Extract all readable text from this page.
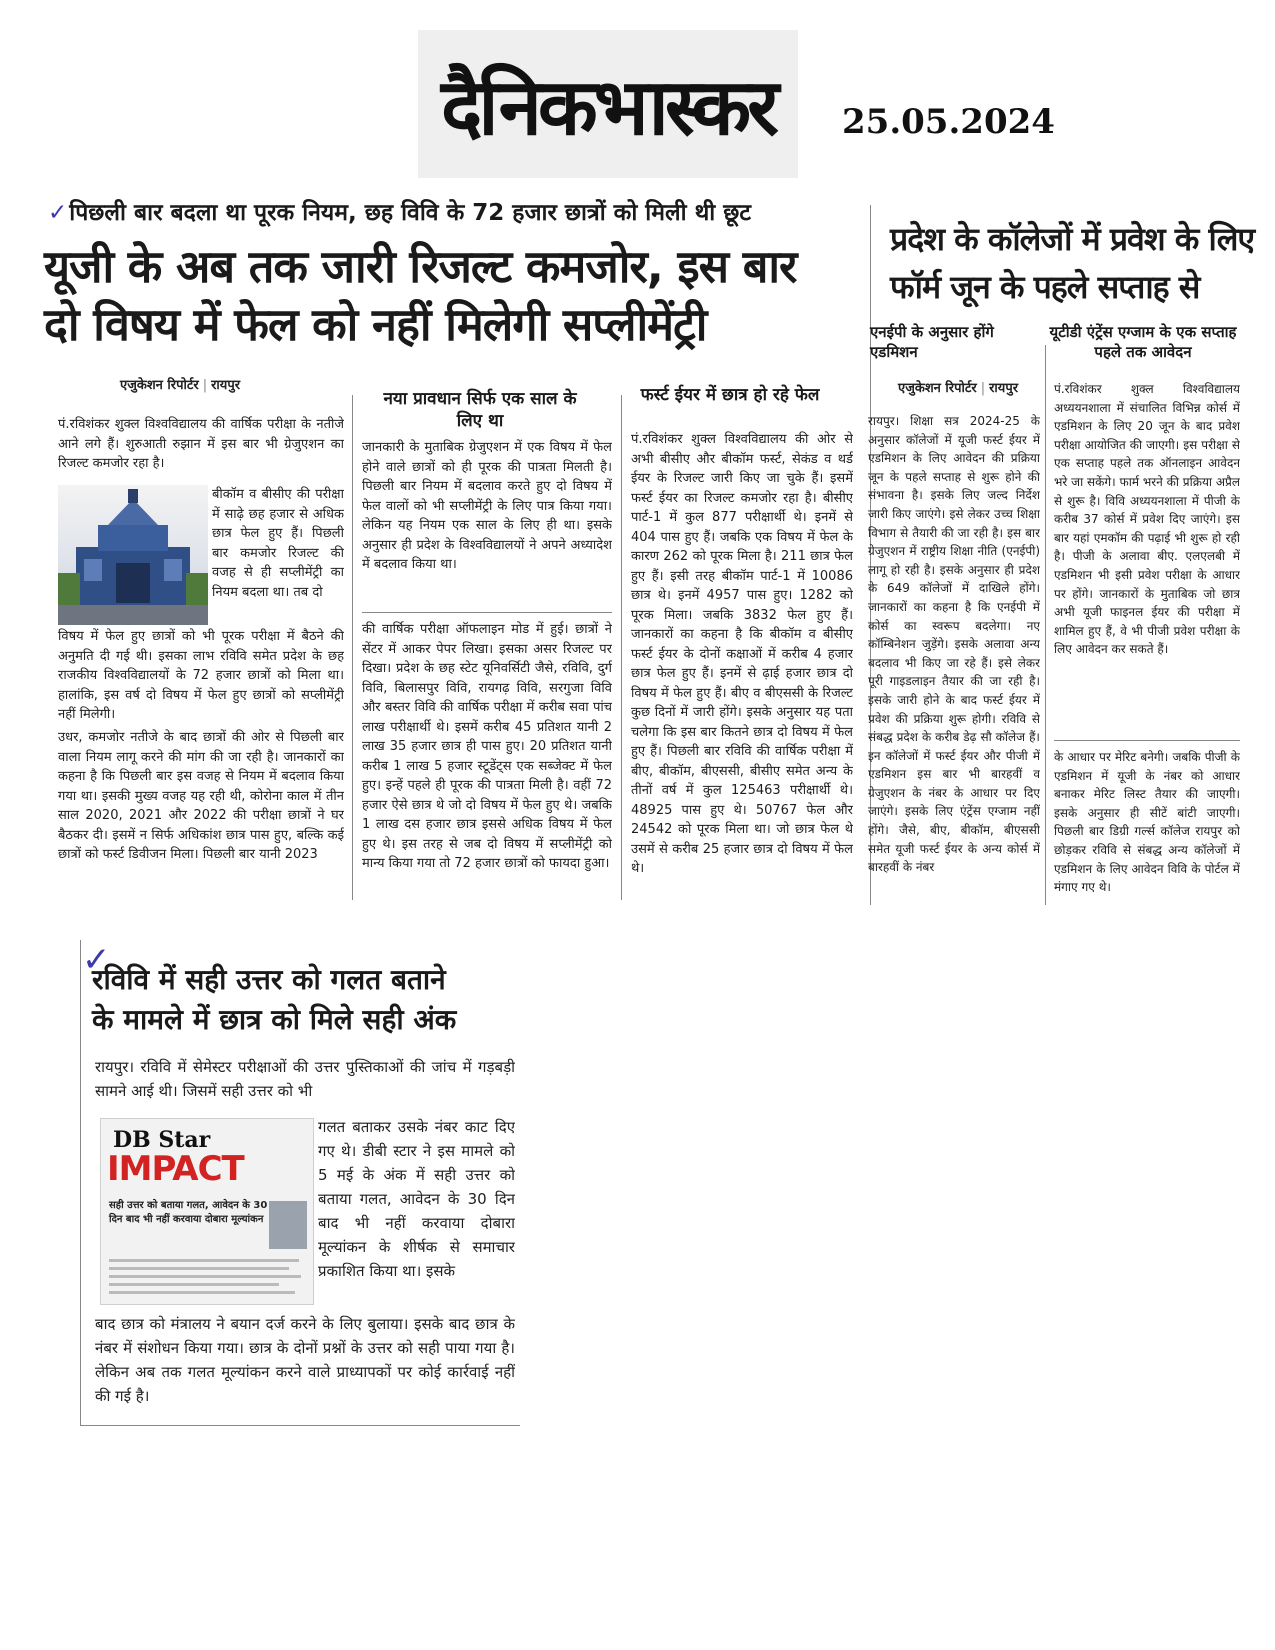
दैनिकभास्कर 25.05.2024
✓पिछली बार बदला था पूरक नियम, छह विवि के 72 हजार छात्रों को मिली थी छूट
यूजी के अब तक जारी रिजल्ट कमजोर, इस बार
दो विषय में फेल को नहीं मिलेगी सप्लीमेंट्री
एजुकेशन रिपोर्टर | रायपुर
नया प्रावधान सिर्फ एक साल के लिए था
फर्स्ट ईयर में छात्र हो रहे फेल

पं.रविशंकर शुक्ल विश्वविद्यालय की वार्षिक परीक्षा के नतीजे आने लगे हैं। शुरुआती रुझान में इस बार भी ग्रेजुएशन का रिजल्ट कमजोर रहा है।

बीकॉम व बीसीए की परीक्षा में साढ़े छह हजार से अधिक छात्र फेल हुए हैं। पिछली बार कमजोर रिजल्ट की वजह से ही सप्लीमेंट्री का नियम बदला था। तब दो

विषय में फेल हुए छात्रों को भी पूरक परीक्षा में बैठने की अनुमति दी गई थी। इसका लाभ रविवि समेत प्रदेश के छह राजकीय विश्वविद्यालयों के 72 हजार छात्रों को मिला था। हालांकि, इस वर्ष दो विषय में फेल हुए छात्रों को सप्लीमेंट्री नहीं मिलेगी।

उधर, कमजोर नतीजे के बाद छात्रों की ओर से पिछली बार वाला नियम लागू करने की मांग की जा रही है। जानकारों का कहना है कि पिछली बार इस वजह से नियम में बदलाव किया गया था। इसकी मुख्य वजह यह रही थी, कोरोना काल में तीन साल 2020, 2021 और 2022 की परीक्षा छात्रों ने घर बैठकर दी। इसमें न सिर्फ अधिकांश छात्र पास हुए, बल्कि कई छात्रों को फर्स्ट डिवीजन मिला। पिछली बार यानी 2023

जानकारी के मुताबिक ग्रेजुएशन में एक विषय में फेल होने वाले छात्रों को ही पूरक की पात्रता मिलती है। पिछली बार नियम में बदलाव करते हुए दो विषय में फेल वालों को भी सप्लीमेंट्री के लिए पात्र किया गया। लेकिन यह नियम एक साल के लिए ही था। इसके अनुसार ही प्रदेश के विश्वविद्यालयों ने अपने अध्यादेश में बदलाव किया था।

की वार्षिक परीक्षा ऑफलाइन मोड में हुई। छात्रों ने सेंटर में आकर पेपर लिखा। इसका असर रिजल्ट पर दिखा। प्रदेश के छह स्टेट यूनिवर्सिटी जैसे, रविवि, दुर्ग विवि, बिलासपुर विवि, रायगढ़ विवि, सरगुजा विवि और बस्तर विवि की वार्षिक परीक्षा में करीब सवा पांच लाख परीक्षार्थी थे। इसमें करीब 45 प्रतिशत यानी 2 लाख 35 हजार छात्र ही पास हुए। 20 प्रतिशत यानी करीब 1 लाख 5 हजार स्टूडेंट्स एक सब्जेक्ट में फेल हुए। इन्हें पहले ही पूरक की पात्रता मिली है। वहीं 72 हजार ऐसे छात्र थे जो दो विषय में फेल हुए थे। जबकि 1 लाख दस हजार छात्र इससे अधिक विषय में फेल हुए थे। इस तरह से जब दो विषय में सप्लीमेंट्री को मान्य किया गया तो 72 हजार छात्रों को फायदा हुआ।

पं.रविशंकर शुक्ल विश्वविद्यालय की ओर से अभी बीसीए और बीकॉम फर्स्ट, सेकंड व थर्ड ईयर के रिजल्ट जारी किए जा चुके हैं। इसमें फर्स्ट ईयर का रिजल्ट कमजोर रहा है। बीसीए पार्ट-1 में कुल 877 परीक्षार्थी थे। इनमें से 404 पास हुए हैं। जबकि एक विषय में फेल के कारण 262 को पूरक मिला है। 211 छात्र फेल हुए हैं। इसी तरह बीकॉम पार्ट-1 में 10086 छात्र थे। इनमें 4957 पास हुए। 1282 को पूरक मिला। जबकि 3832 फेल हुए हैं। जानकारों का कहना है कि बीकॉम व बीसीए फर्स्ट ईयर के दोनों कक्षाओं में करीब 4 हजार छात्र फेल हुए हैं। इनमें से ढ़ाई हजार छात्र दो विषय में फेल हुए हैं। बीए व बीएससी के रिजल्ट कुछ दिनों में जारी होंगे। इसके अनुसार यह पता चलेगा कि इस बार कितने छात्र दो विषय में फेल हुए हैं। पिछली बार रविवि की वार्षिक परीक्षा में बीए, बीकॉम, बीएससी, बीसीए समेत अन्य के तीनों वर्ष में कुल 125463 परीक्षार्थी थे। 48925 पास हुए थे। 50767 फेल और 24542 को पूरक मिला था। जो छात्र फेल थे उसमें से करीब 25 हजार छात्र दो विषय में फेल थे।

प्रदेश के कॉलेजों में प्रवेश के लिए
फॉर्म जून के पहले सप्ताह से
एनईपी के अनुसार होंगे एडमिशन
यूटीडी एंट्रेंस एग्जाम के एक सप्ताह पहले तक आवेदन
एजुकेशन रिपोर्टर | रायपुर

रायपुर। शिक्षा सत्र 2024-25 के अनुसार कॉलेजों में यूजी फर्स्ट ईयर में एडमिशन के लिए आवेदन की प्रक्रिया जून के पहले सप्ताह से शुरू होने की संभावना है। इसके लिए जल्द निर्देश जारी किए जाएंगे। इसे लेकर उच्च शिक्षा विभाग से तैयारी की जा रही है। इस बार ग्रेजुएशन में राष्ट्रीय शिक्षा नीति (एनईपी) लागू हो रही है। इसके अनुसार ही प्रदेश के 649 कॉलेजों में दाखिले होंगे। जानकारों का कहना है कि एनईपी में कोर्स का स्वरूप बदलेगा। नए कॉम्बिनेशन जुड़ेंगे। इसके अलावा अन्य बदलाव भी किए जा रहे हैं। इसे लेकर पूरी गाइडलाइन तैयार की जा रही है। इसके जारी होने के बाद फर्स्ट ईयर में प्रवेश की प्रक्रिया शुरू होगी। रविवि से संबद्ध प्रदेश के करीब डेढ़ सौ कॉलेज हैं। इन कॉलेजों में फर्स्ट ईयर और पीजी में एडमिशन इस बार भी बारहवीं व ग्रेजुएशन के नंबर के आधार पर दिए जाएंगे। इसके लिए एंट्रेंस एग्जाम नहीं होंगे। जैसे, बीए, बीकॉम, बीएससी समेत यूजी फर्स्ट ईयर के अन्य कोर्स में बारहवीं के नंबर

पं.रविशंकर शुक्ल विश्वविद्यालय अध्ययनशाला में संचालित विभिन्न कोर्स में एडमिशन के लिए 20 जून के बाद प्रवेश परीक्षा आयोजित की जाएगी। इस परीक्षा से एक सप्ताह पहले तक ऑनलाइन आवेदन भरे जा सकेंगे। फार्म भरने की प्रक्रिया अप्रैल से शुरू है। विवि अध्ययनशाला में पीजी के करीब 37 कोर्स में प्रवेश दिए जाएंगे। इस बार यहां एमकॉम की पढ़ाई भी शुरू हो रही है। पीजी के अलावा बीए. एलएलबी में एडमिशन भी इसी प्रवेश परीक्षा के आधार पर होंगे। जानकारों के मुताबिक जो छात्र अभी यूजी फाइनल ईयर की परीक्षा में शामिल हुए हैं, वे भी पीजी प्रवेश परीक्षा के लिए आवेदन कर सकते हैं।

के आधार पर मेरिट बनेगी। जबकि पीजी के एडमिशन में यूजी के नंबर को आधार बनाकर मेरिट लिस्ट तैयार की जाएगी। इसके अनुसार ही सीटें बांटी जाएगी। पिछली बार डिग्री गर्ल्स कॉलेज रायपुर को छोड़कर रविवि से संबद्ध अन्य कॉलेजों में एडमिशन के लिए आवेदन विवि के पोर्टल में मंगाए गए थे।

✓
रविवि में सही उत्तर को गलत बताने
के मामले में छात्र को मिले सही अंक

रायपुर। रविवि में सेमेस्टर परीक्षाओं की उत्तर पुस्तिकाओं की जांच में गड़बड़ी सामने आई थी। जिसमें सही उत्तर को भी

DB Star
IMPACT
सही उत्तर को बताया गलत, आवेदन के 30 दिन बाद भी नहीं करवाया दोबारा मूल्यांकन

गलत बताकर उसके नंबर काट दिए गए थे। डीबी स्टार ने इस मामले को 5 मई के अंक में सही उत्तर को बताया गलत, आवेदन के 30 दिन बाद भी नहीं करवाया दोबारा मूल्यांकन के शीर्षक से समाचार प्रकाशित किया था। इसके

बाद छात्र को मंत्रालय ने बयान दर्ज करने के लिए बुलाया। इसके बाद छात्र के नंबर में संशोधन किया गया। छात्र के दोनों प्रश्नों के उत्तर को सही पाया गया है। लेकिन अब तक गलत मूल्यांकन करने वाले प्राध्यापकों पर कोई कार्रवाई नहीं की गई है।
